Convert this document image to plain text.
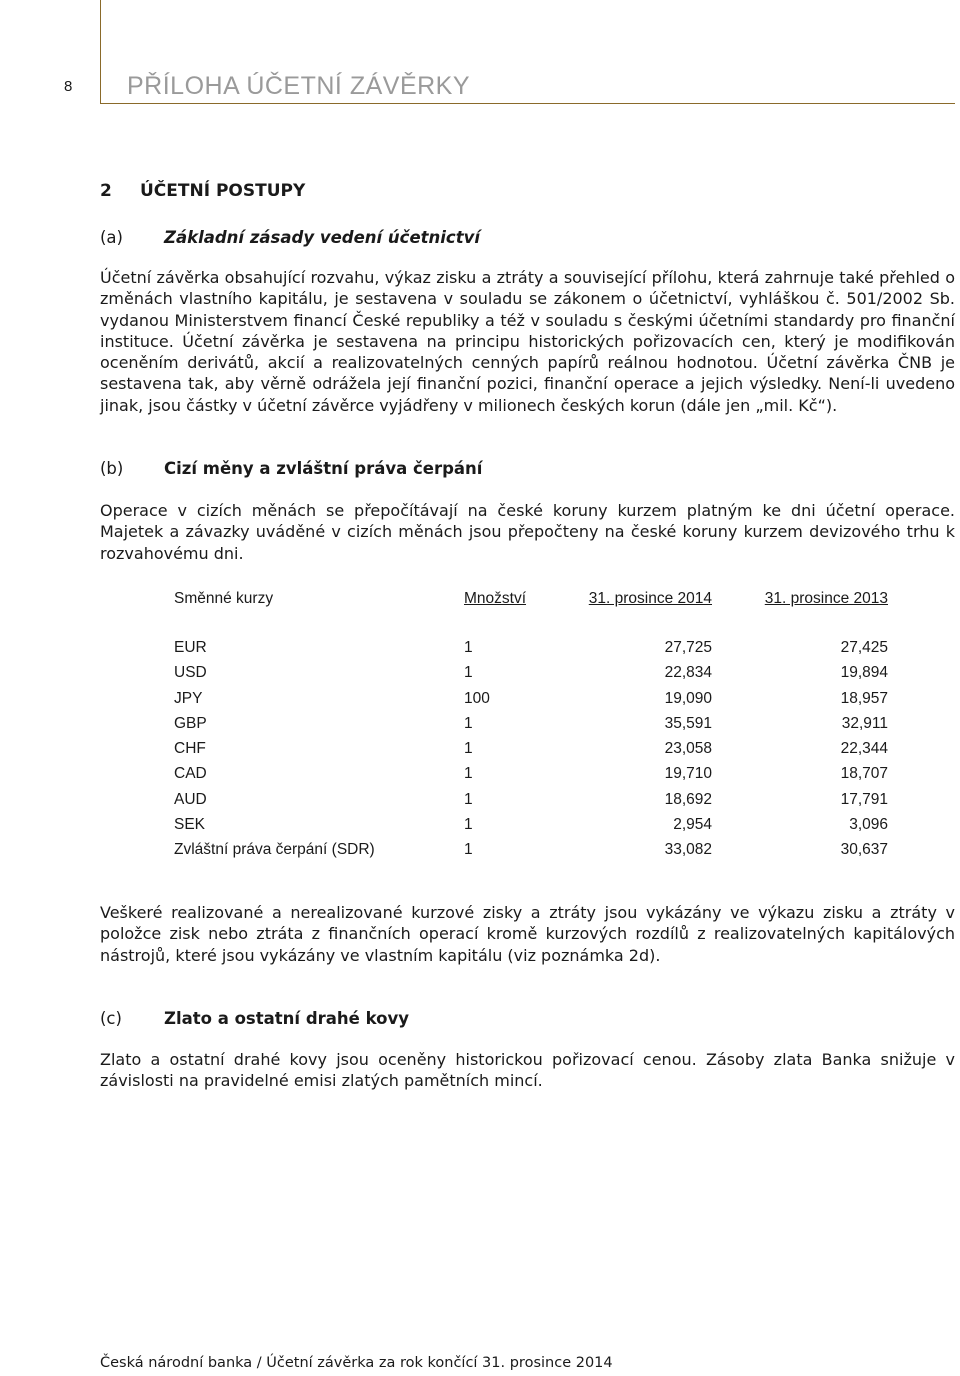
8 PŘÍLOHA ÚČETNÍ ZÁVĚRKY
2 ÚČETNÍ POSTUPY
(a) Základní zásady vedení účetnictví
Účetní závěrka obsahující rozvahu, výkaz zisku a ztráty a související přílohu, která zahrnuje také přehled o změnách vlastního kapitálu, je sestavena v souladu se zákonem o účetnictví, vyhláškou č. 501/2002 Sb. vydanou Ministerstvem financí České republiky a též v souladu s českými účetními standardy pro finanční instituce. Účetní závěrka je sestavena na principu historických pořizovacích cen, který je modifikován oceněním derivátů, akcií a realizovatelných cenných papírů reálnou hodnotou. Účetní závěrka ČNB je sestavena tak, aby věrně odrážela její finanční pozici, finanční operace a jejich výsledky. Není-li uvedeno jinak, jsou částky v účetní závěrce vyjádřeny v milionech českých korun (dále jen „mil. Kč“).
(b) Cizí měny a zvláštní práva čerpání
Operace v cizích měnách se přepočítávají na české koruny kurzem platným ke dni účetní operace. Majetek a závazky uváděné v cizích měnách jsou přepočteny na české koruny kurzem devizového trhu k rozvahovému dni.
Směnné kurzy	Množství	31. prosince 2014	31. prosince 2013
EUR	1	27,725	27,425
USD	1	22,834	19,894
JPY	100	19,090	18,957
GBP	1	35,591	32,911
CHF	1	23,058	22,344
CAD	1	19,710	18,707
AUD	1	18,692	17,791
SEK	1	2,954	3,096
Zvláštní práva čerpání (SDR)	1	33,082	30,637
Veškeré realizované a nerealizované kurzové zisky a ztráty jsou vykázány ve výkazu zisku a ztráty v položce zisk nebo ztráta z finančních operací kromě kurzových rozdílů z realizovatelných kapitálových nástrojů, které jsou vykázány ve vlastním kapitálu (viz poznámka 2d).
(c)	Zlato a ostatní drahé kovy
Zlato a ostatní drahé kovy jsou oceněny historickou pořizovací cenou. Zásoby zlata Banka snižuje v závislosti na pravidelné emisi zlatých pamětních mincí.
Česká národní banka / Účetní závěrka za rok končící 31. prosince 2014
